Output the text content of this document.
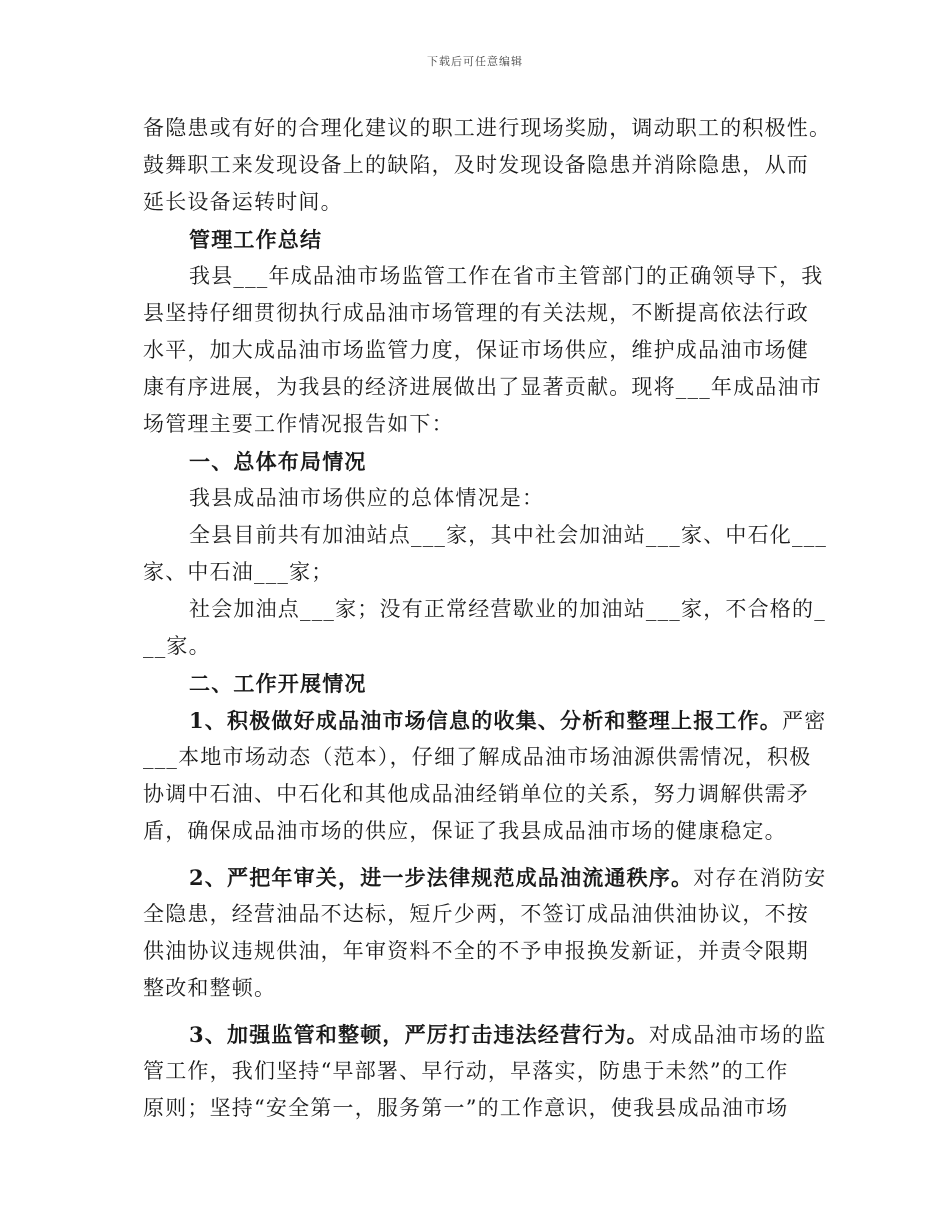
下载后可任意编辑
备隐患或有好的合理化建议的职工进行现场奖励，调动职工的积极性。
鼓舞职工来发现设备上的缺陷，及时发现设备隐患并消除隐患，从而
延长设备运转时间。
管理工作总结
我县___年成品油市场监管工作在省市主管部门的正确领导下，我
县坚持仔细贯彻执行成品油市场管理的有关法规，不断提高依法行政
水平，加大成品油市场监管力度，保证市场供应，维护成品油市场健
康有序进展，为我县的经济进展做出了显著贡献。现将___年成品油市
场管理主要工作情况报告如下：
一、总体布局情况
我县成品油市场供应的总体情况是：
全县目前共有加油站点___家，其中社会加油站___家、中石化___
家、中石油___家；
社会加油点___家；没有正常经营歇业的加油站___家，不合格的_
__家。
二、工作开展情况
1、积极做好成品油市场信息的收集、分析和整理上报工作。严密
___本地市场动态（范本），仔细了解成品油市场油源供需情况，积极
协调中石油、中石化和其他成品油经销单位的关系，努力调解供需矛
盾，确保成品油市场的供应，保证了我县成品油市场的健康稳定。
2、严把年审关，进一步法律规范成品油流通秩序。对存在消防安
全隐患，经营油品不达标，短斤少两，不签订成品油供油协议，不按
供油协议违规供油，年审资料不全的不予申报换发新证，并责令限期
整改和整顿。
3、加强监管和整顿，严厉打击违法经营行为。对成品油市场的监
管工作，我们坚持“早部署、早行动，早落实，防患于未然”的工作
原则；坚持“安全第一，服务第一”的工作意识，使我县成品油市场
